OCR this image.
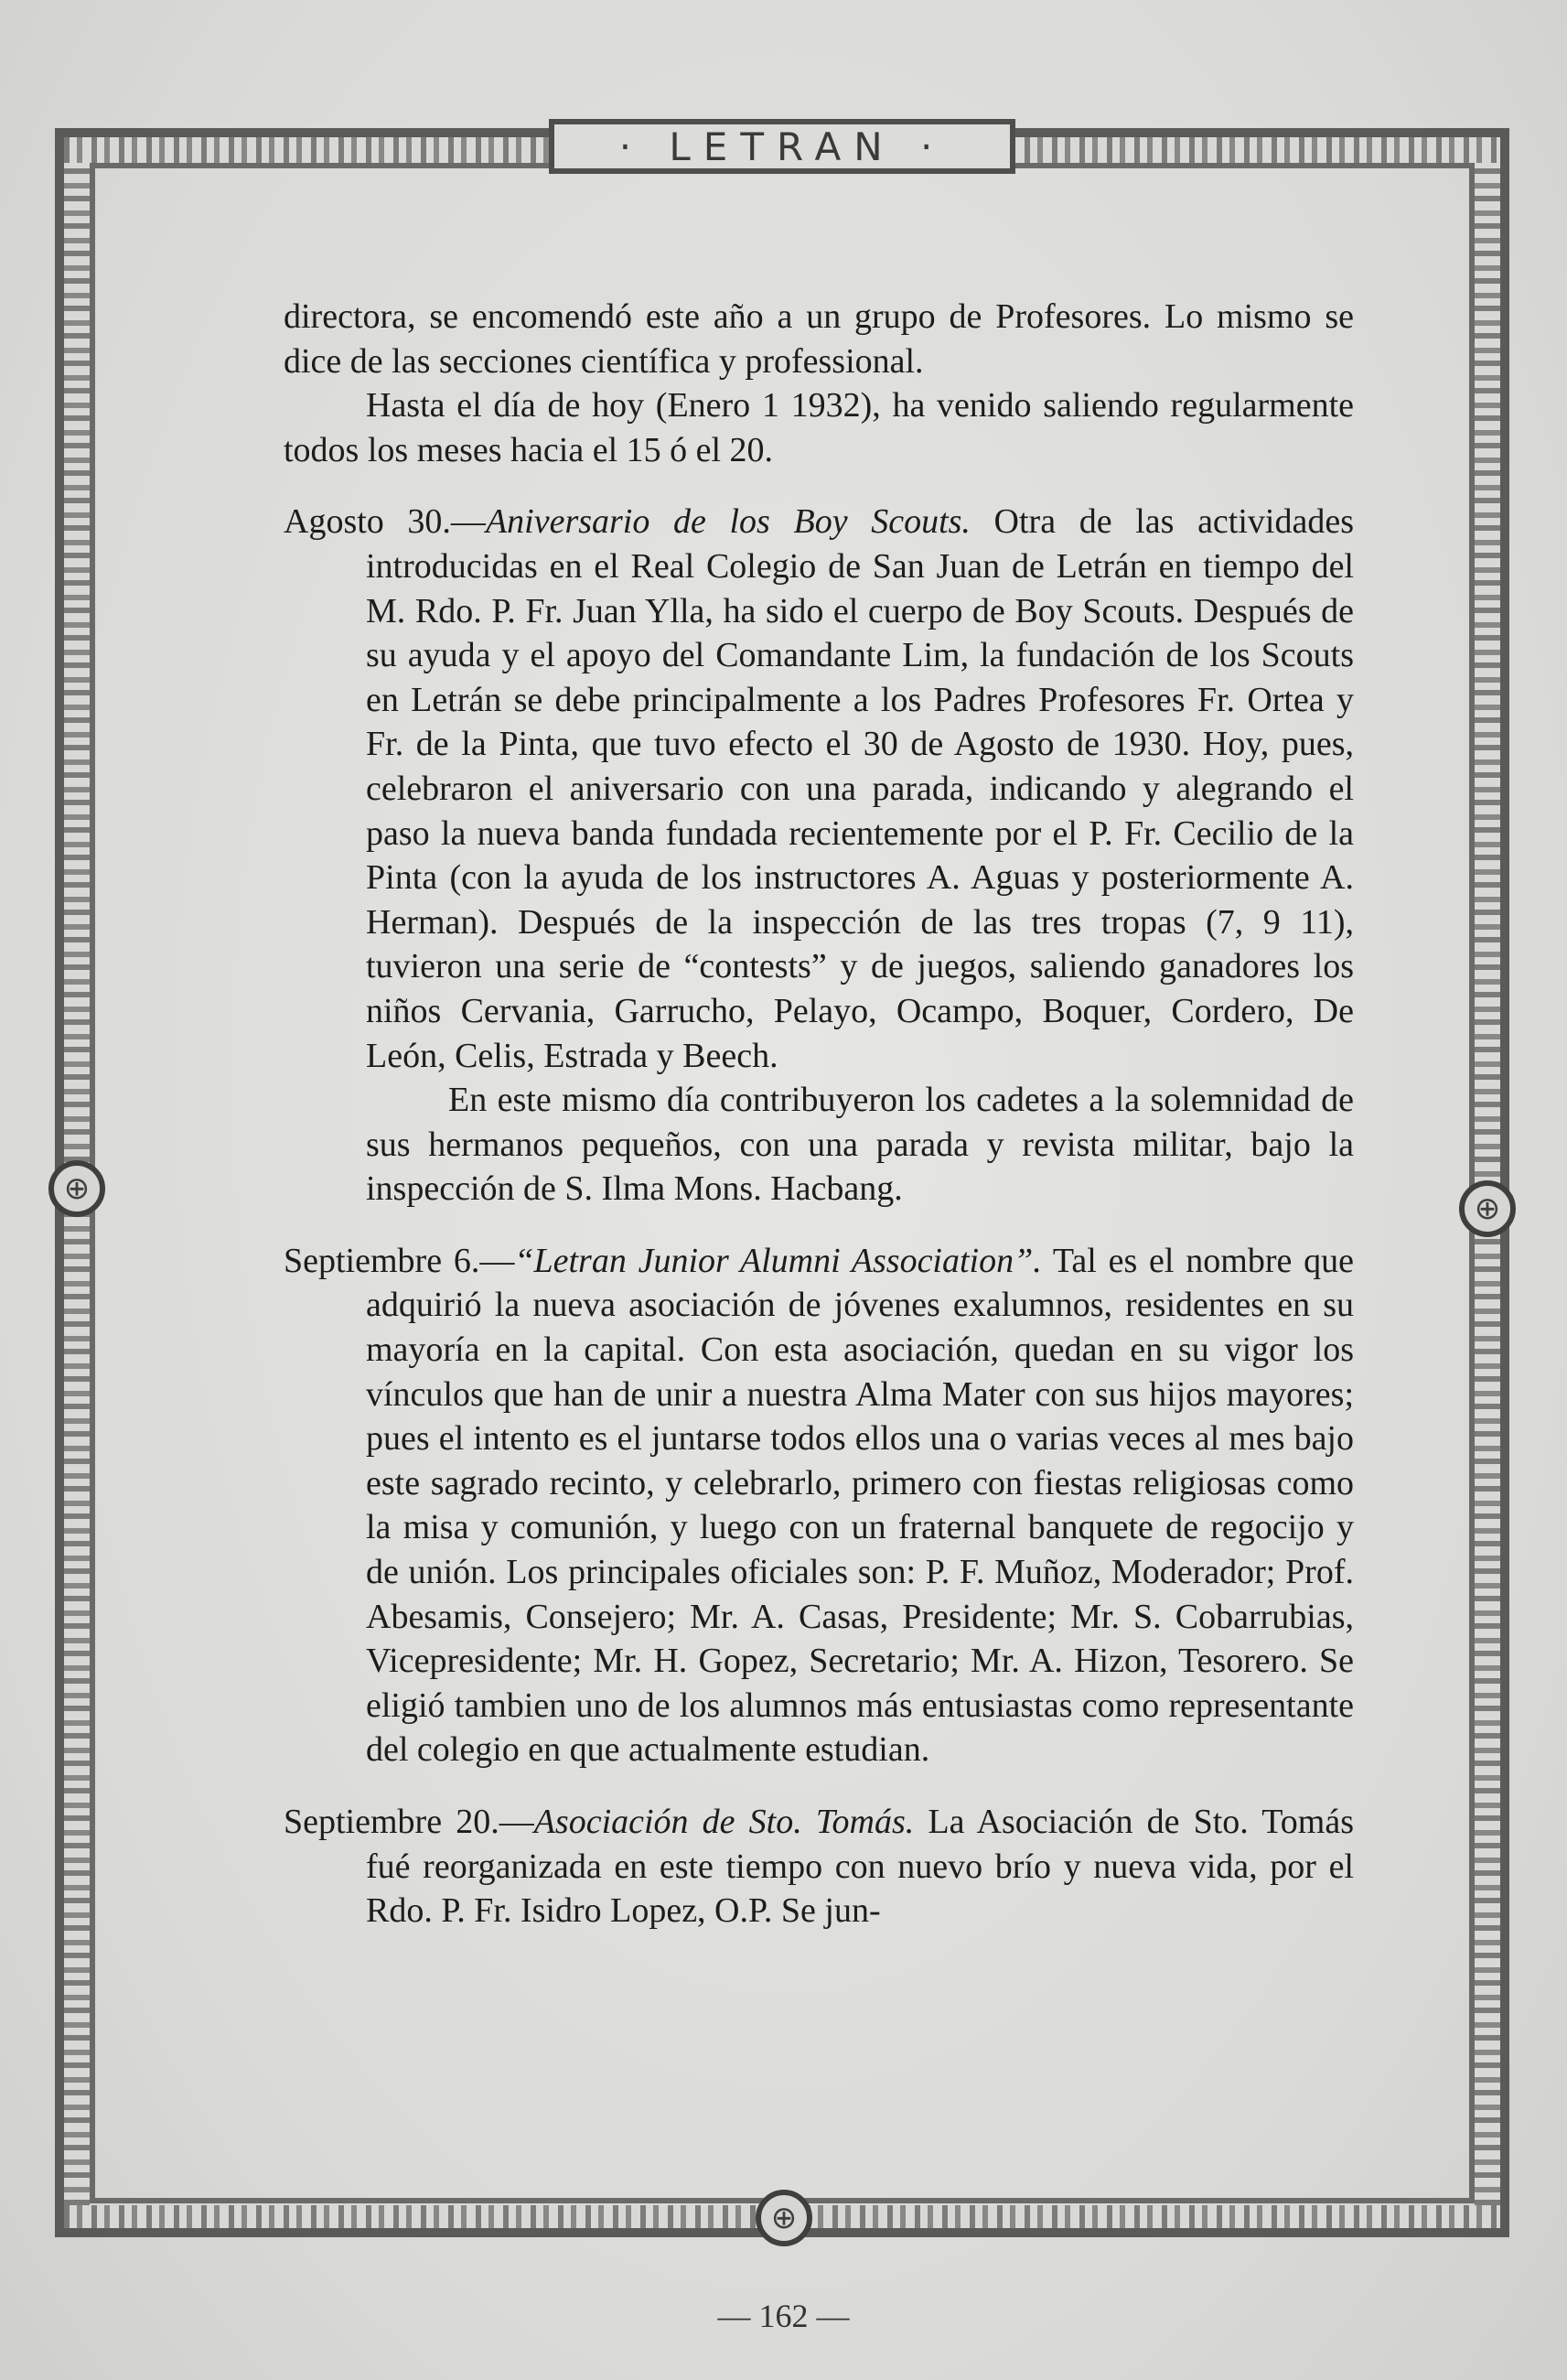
· LETRAN ·
⊕
⊕
⊕

directora, se encomendó este año a un grupo de Profesores. Lo mismo se dice de las secciones científica y professional.

Hasta el día de hoy (Enero 1 1932), ha venido saliendo regularmente todos los meses hacia el 15 ó el 20.

Agosto 30.—Aniversario de los Boy Scouts. Otra de las actividades introducidas en el Real Colegio de San Juan de Letrán en tiempo del M. Rdo. P. Fr. Juan Ylla, ha sido el cuerpo de Boy Scouts. Después de su ayuda y el apoyo del Comandante Lim, la fundación de los Scouts en Letrán se debe principalmente a los Padres Profesores Fr. Ortea y Fr. de la Pinta, que tuvo efecto el 30 de Agosto de 1930. Hoy, pues, celebraron el aniversario con una parada, indicando y alegrando el paso la nueva banda fundada recientemente por el P. Fr. Cecilio de la Pinta (con la ayuda de los instructores A. Aguas y posteriormente A. Herman). Después de la inspección de las tres tropas (7, 9 11), tuvieron una serie de “contests” y de juegos, saliendo ganadores los niños Cervania, Garrucho, Pelayo, Ocampo, Boquer, Cordero, De León, Celis, Estrada y Beech.

En este mismo día contribuyeron los cadetes a la solemnidad de sus hermanos pequeños, con una parada y revista militar, bajo la inspección de S. Ilma Mons. Hacbang.

Septiembre 6.—“Letran Junior Alumni Association”. Tal es el nombre que adquirió la nueva asociación de jóvenes exalumnos, residentes en su mayoría en la capital. Con esta asociación, quedan en su vigor los vínculos que han de unir a nuestra Alma Mater con sus hijos mayores; pues el intento es el juntarse todos ellos una o varias veces al mes bajo este sagrado recinto, y celebrarlo, primero con fiestas religiosas como la misa y comunión, y luego con un fraternal banquete de regocijo y de unión. Los principales oficiales son: P. F. Muñoz, Moderador; Prof. Abesamis, Consejero; Mr. A. Casas, Presidente; Mr. S. Cobarrubias, Vicepresidente; Mr. H. Gopez, Secretario; Mr. A. Hizon, Tesorero. Se eligió tambien uno de los alumnos más entusiastas como representante del colegio en que actualmente estudian.

Septiembre 20.—Asociación de Sto. Tomás. La Asociación de Sto. Tomás fué reorganizada en este tiempo con nuevo brío y nueva vida, por el Rdo. P. Fr. Isidro Lopez, O.P. Se jun-

— 162 —
